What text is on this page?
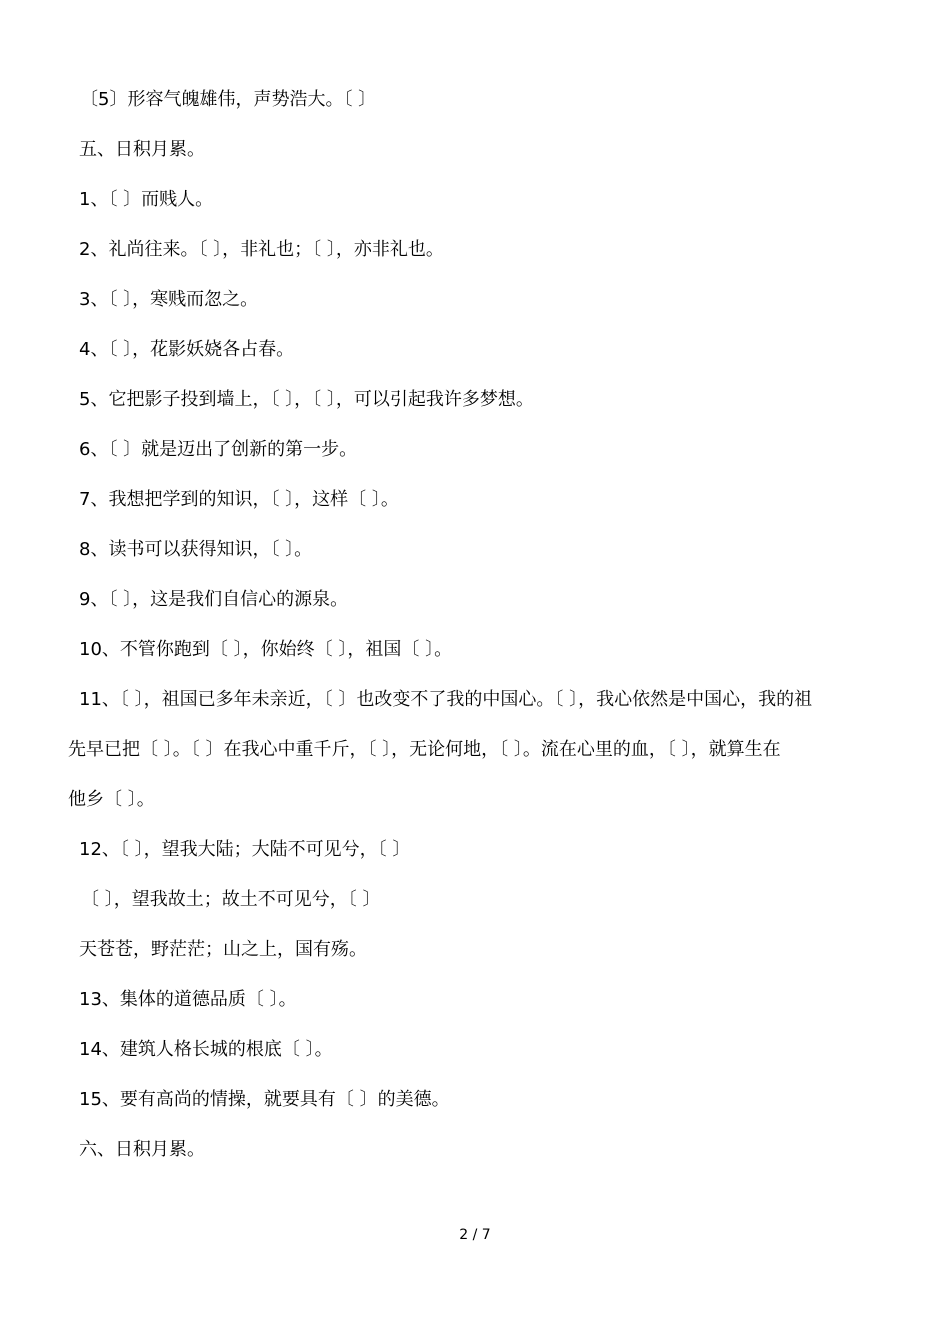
〔5〕形容气魄雄伟，声势浩大。〔 〕
五、日积月累。
1、〔 〕而贱人。
2、礼尚往来。〔 〕，非礼也；〔 〕，亦非礼也。
3、〔 〕，寒贱而忽之。
4、〔 〕，花影妖娆各占春。
5、它把影子投到墙上，〔 〕，〔 〕，可以引起我许多梦想。
6、〔 〕就是迈出了创新的第一步。
7、我想把学到的知识，〔 〕，这样〔 〕。
8、读书可以获得知识，〔 〕。
9、〔 〕，这是我们自信心的源泉。
10、不管你跑到〔 〕，你始终〔 〕，祖国〔 〕。
11、〔 〕，祖国已多年未亲近，〔 〕也改变不了我的中国心。〔 〕，我心依然是中国心，我的祖
先早已把〔 〕。〔 〕在我心中重千斤，〔 〕，无论何地，〔 〕。流在心里的血，〔 〕，就算生在
他乡〔 〕。
12、〔 〕，望我大陆；大陆不可见兮，〔 〕
〔 〕，望我故土；故土不可见兮，〔 〕
天苍苍，野茫茫；山之上，国有殇。
13、集体的道德品质〔 〕。
14、建筑人格长城的根底〔 〕。
15、要有高尚的情操，就要具有〔 〕的美德。
六、日积月累。
2 / 7
